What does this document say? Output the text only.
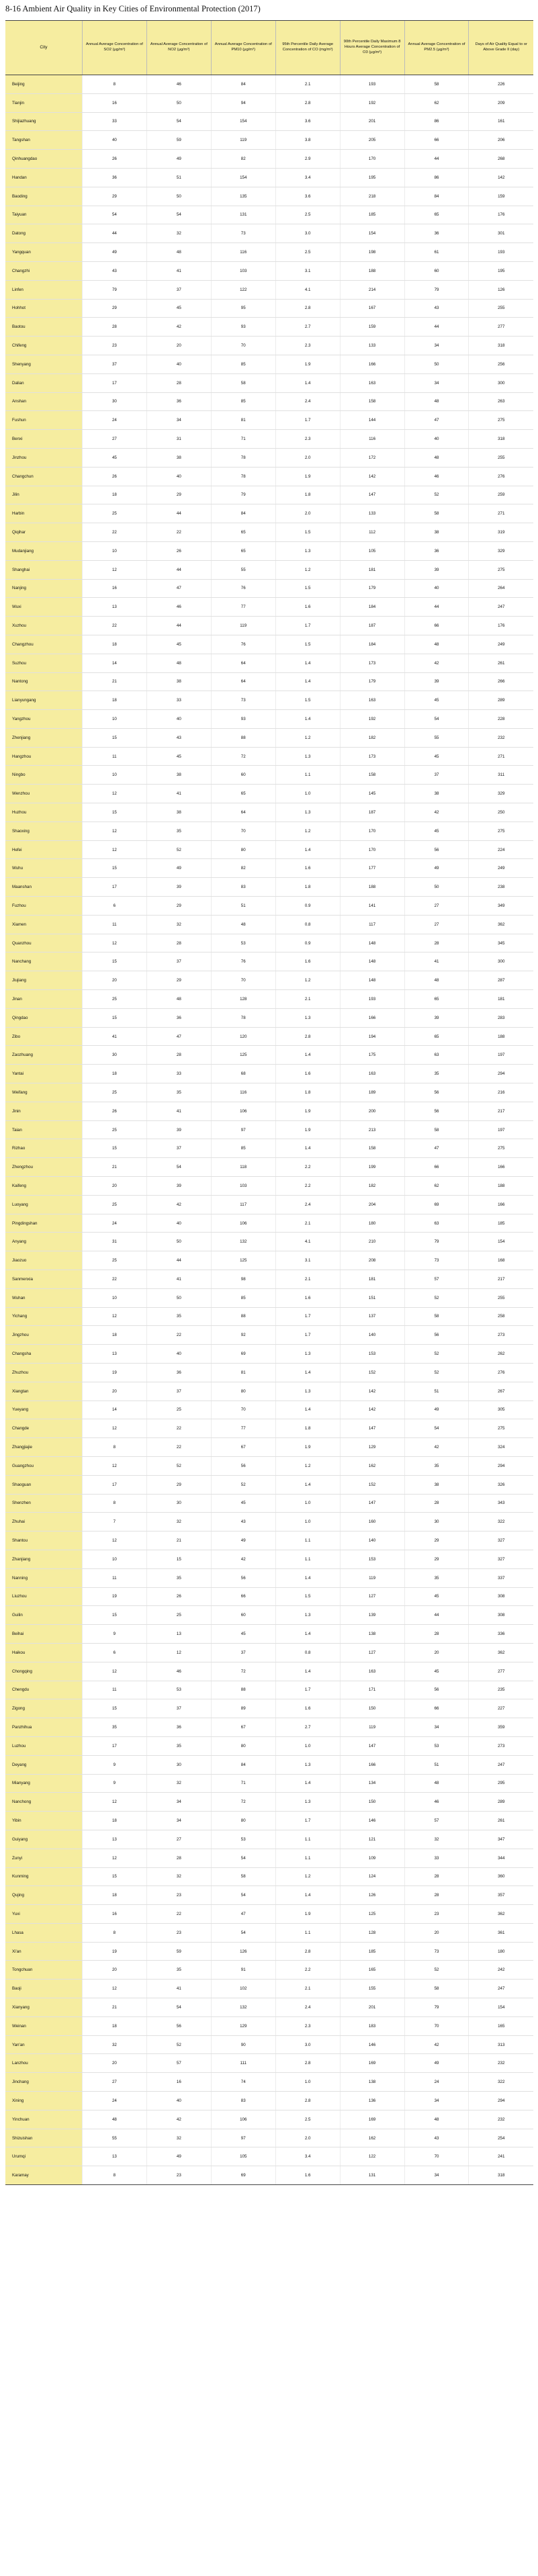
8-16 Ambient Air Quality in Key Cities of Environmental Protection (2017)
City	Annual Average Concentration of SO2 (μg/m³)	Annual Average Concentration of NO2 (μg/m³)	Annual Average Concentration of PM10 (μg/m³)	95th Percentile Daily Average Concentration of CO (mg/m³)	90th Percentile Daily Maximum 8 Hours Average Concentration of O3 (μg/m³)	Annual Average Concentration of PM2.5 (μg/m³)	Days of Air Quality Equal to or Above Grade II (day)
Beijing	8	46	84	2.1	193	58	226
Tianjin	16	50	94	2.8	192	62	209
Shijiazhuang	33	54	154	3.6	201	86	161
Tangshan	40	59	119	3.8	205	66	206
Qinhuangdao	26	49	82	2.9	170	44	268
Handan	36	51	154	3.4	195	86	142
Baoding	29	50	135	3.6	218	84	159
Taiyuan	54	54	131	2.5	185	65	176
Datong	44	32	73	3.0	154	36	301
Yangquan	49	48	116	2.5	198	61	193
Changzhi	43	41	103	3.1	188	60	195
Linfen	79	37	122	4.1	214	79	126
Hohhot	29	45	95	2.8	167	43	255
Baotou	28	42	93	2.7	159	44	277
Chifeng	23	20	70	2.3	133	34	318
Shenyang	37	40	85	1.9	166	50	256
Dalian	17	28	58	1.4	163	34	300
Anshan	30	36	85	2.4	158	48	263
Fushun	24	34	81	1.7	144	47	275
Benxi	27	31	71	2.3	116	40	318
Jinzhou	45	38	78	2.0	172	48	255
Changchun	26	40	78	1.9	142	46	276
Jilin	18	29	79	1.8	147	52	259
Harbin	25	44	84	2.0	133	58	271
Qiqihar	22	22	65	1.5	112	38	319
Mudanjiang	10	26	65	1.3	105	36	329
Shanghai	12	44	55	1.2	181	39	275
Nanjing	16	47	76	1.5	179	40	264
Wuxi	13	46	77	1.6	184	44	247
Xuzhou	22	44	119	1.7	187	66	176
Changzhou	18	45	76	1.5	184	48	249
Suzhou	14	48	64	1.4	173	42	261
Nantong	21	38	64	1.4	179	39	266
Lianyungang	18	33	73	1.5	163	45	289
Yangzhou	10	40	93	1.4	192	54	228
Zhenjiang	15	43	88	1.2	182	55	232
Hangzhou	11	45	72	1.3	173	45	271
Ningbo	10	38	60	1.1	158	37	311
Wenzhou	12	41	65	1.0	145	38	329
Huzhou	15	38	64	1.3	187	42	250
Shaoxing	12	35	70	1.2	170	45	275
Hefei	12	52	80	1.4	170	56	224
Wuhu	15	49	82	1.6	177	49	249
Maanshan	17	39	83	1.8	188	50	238
Fuzhou	6	29	51	0.9	141	27	349
Xiamen	11	32	48	0.8	117	27	362
Quanzhou	12	28	53	0.9	148	28	345
Nanchang	15	37	76	1.6	148	41	300
Jiujiang	20	29	70	1.2	148	48	287
Jinan	25	48	128	2.1	193	65	181
Qingdao	15	36	78	1.3	166	39	283
Zibo	41	47	120	2.8	194	65	188
Zaozhuang	30	28	125	1.4	175	63	197
Yantai	18	33	68	1.6	163	35	294
Weifang	25	35	116	1.8	189	56	216
Jinin	26	41	106	1.9	200	56	217
Taian	25	39	97	1.9	213	58	197
Rizhao	15	37	85	1.4	158	47	275
Zhengzhou	21	54	118	2.2	199	66	166
Kaifeng	20	39	103	2.2	182	62	188
Luoyang	25	42	117	2.4	204	69	166
Pingdingshan	24	40	106	2.1	180	63	185
Anyang	31	50	132	4.1	210	79	154
Jiaozuo	25	44	125	3.1	208	73	168
Sanmenxia	22	41	98	2.1	181	57	217
Wuhan	10	50	85	1.6	151	52	255
Yichang	12	35	88	1.7	137	58	258
Jingzhou	18	22	92	1.7	140	56	273
Changsha	13	40	69	1.3	153	52	262
Zhuzhou	19	36	81	1.4	152	52	276
Xiangtan	20	37	80	1.3	142	51	267
Yueyang	14	25	70	1.4	142	49	305
Changde	12	22	77	1.8	147	54	275
Zhangjiajie	8	22	67	1.9	129	42	324
Guangzhou	12	52	56	1.2	162	35	294
Shaoguan	17	29	52	1.4	152	38	326
Shenzhen	8	30	45	1.0	147	28	343
Zhuhai	7	32	43	1.0	160	30	322
Shantou	12	21	49	1.1	140	29	327
Zhanjiang	10	15	42	1.1	153	29	327
Nanning	11	35	56	1.4	119	35	337
Liuzhou	19	26	66	1.5	127	45	308
Guilin	15	25	60	1.3	139	44	308
Beihai	9	13	45	1.4	138	28	336
Haikou	6	12	37	0.8	127	20	362
Chongqing	12	46	72	1.4	163	45	277
Chengdu	11	53	88	1.7	171	56	235
Zigong	15	37	89	1.6	150	66	227
Panzhihua	35	36	67	2.7	119	34	359
Luzhou	17	35	80	1.0	147	53	273
Deyang	9	30	84	1.3	166	51	247
Mianyang	9	32	71	1.4	134	48	295
Nanchong	12	34	72	1.3	150	46	289
Yibin	18	34	80	1.7	146	57	261
Guiyang	13	27	53	1.1	121	32	347
Zunyi	12	28	54	1.1	109	33	344
Kunming	15	32	58	1.2	124	28	360
Qujing	18	23	54	1.4	126	28	357
Yuxi	16	22	47	1.9	125	23	362
Lhasa	8	23	54	1.1	128	20	361
Xi'an	19	59	126	2.8	185	73	180
Tongchuan	20	35	91	2.2	165	52	242
Baoji	12	41	102	2.1	155	58	247
Xianyang	21	54	132	2.4	201	79	154
Weinan	18	56	129	2.3	183	70	165
Yan'an	32	52	90	3.0	146	42	313
Lanzhou	20	57	111	2.8	169	49	232
Jinchang	27	16	74	1.0	138	24	322
Xining	24	40	83	2.8	136	34	294
Yinchuan	48	42	106	2.5	169	48	232
Shizuishan	55	32	97	2.0	162	43	254
Urumqi	13	49	105	3.4	122	70	241
Karamay	8	23	69	1.6	131	34	318
